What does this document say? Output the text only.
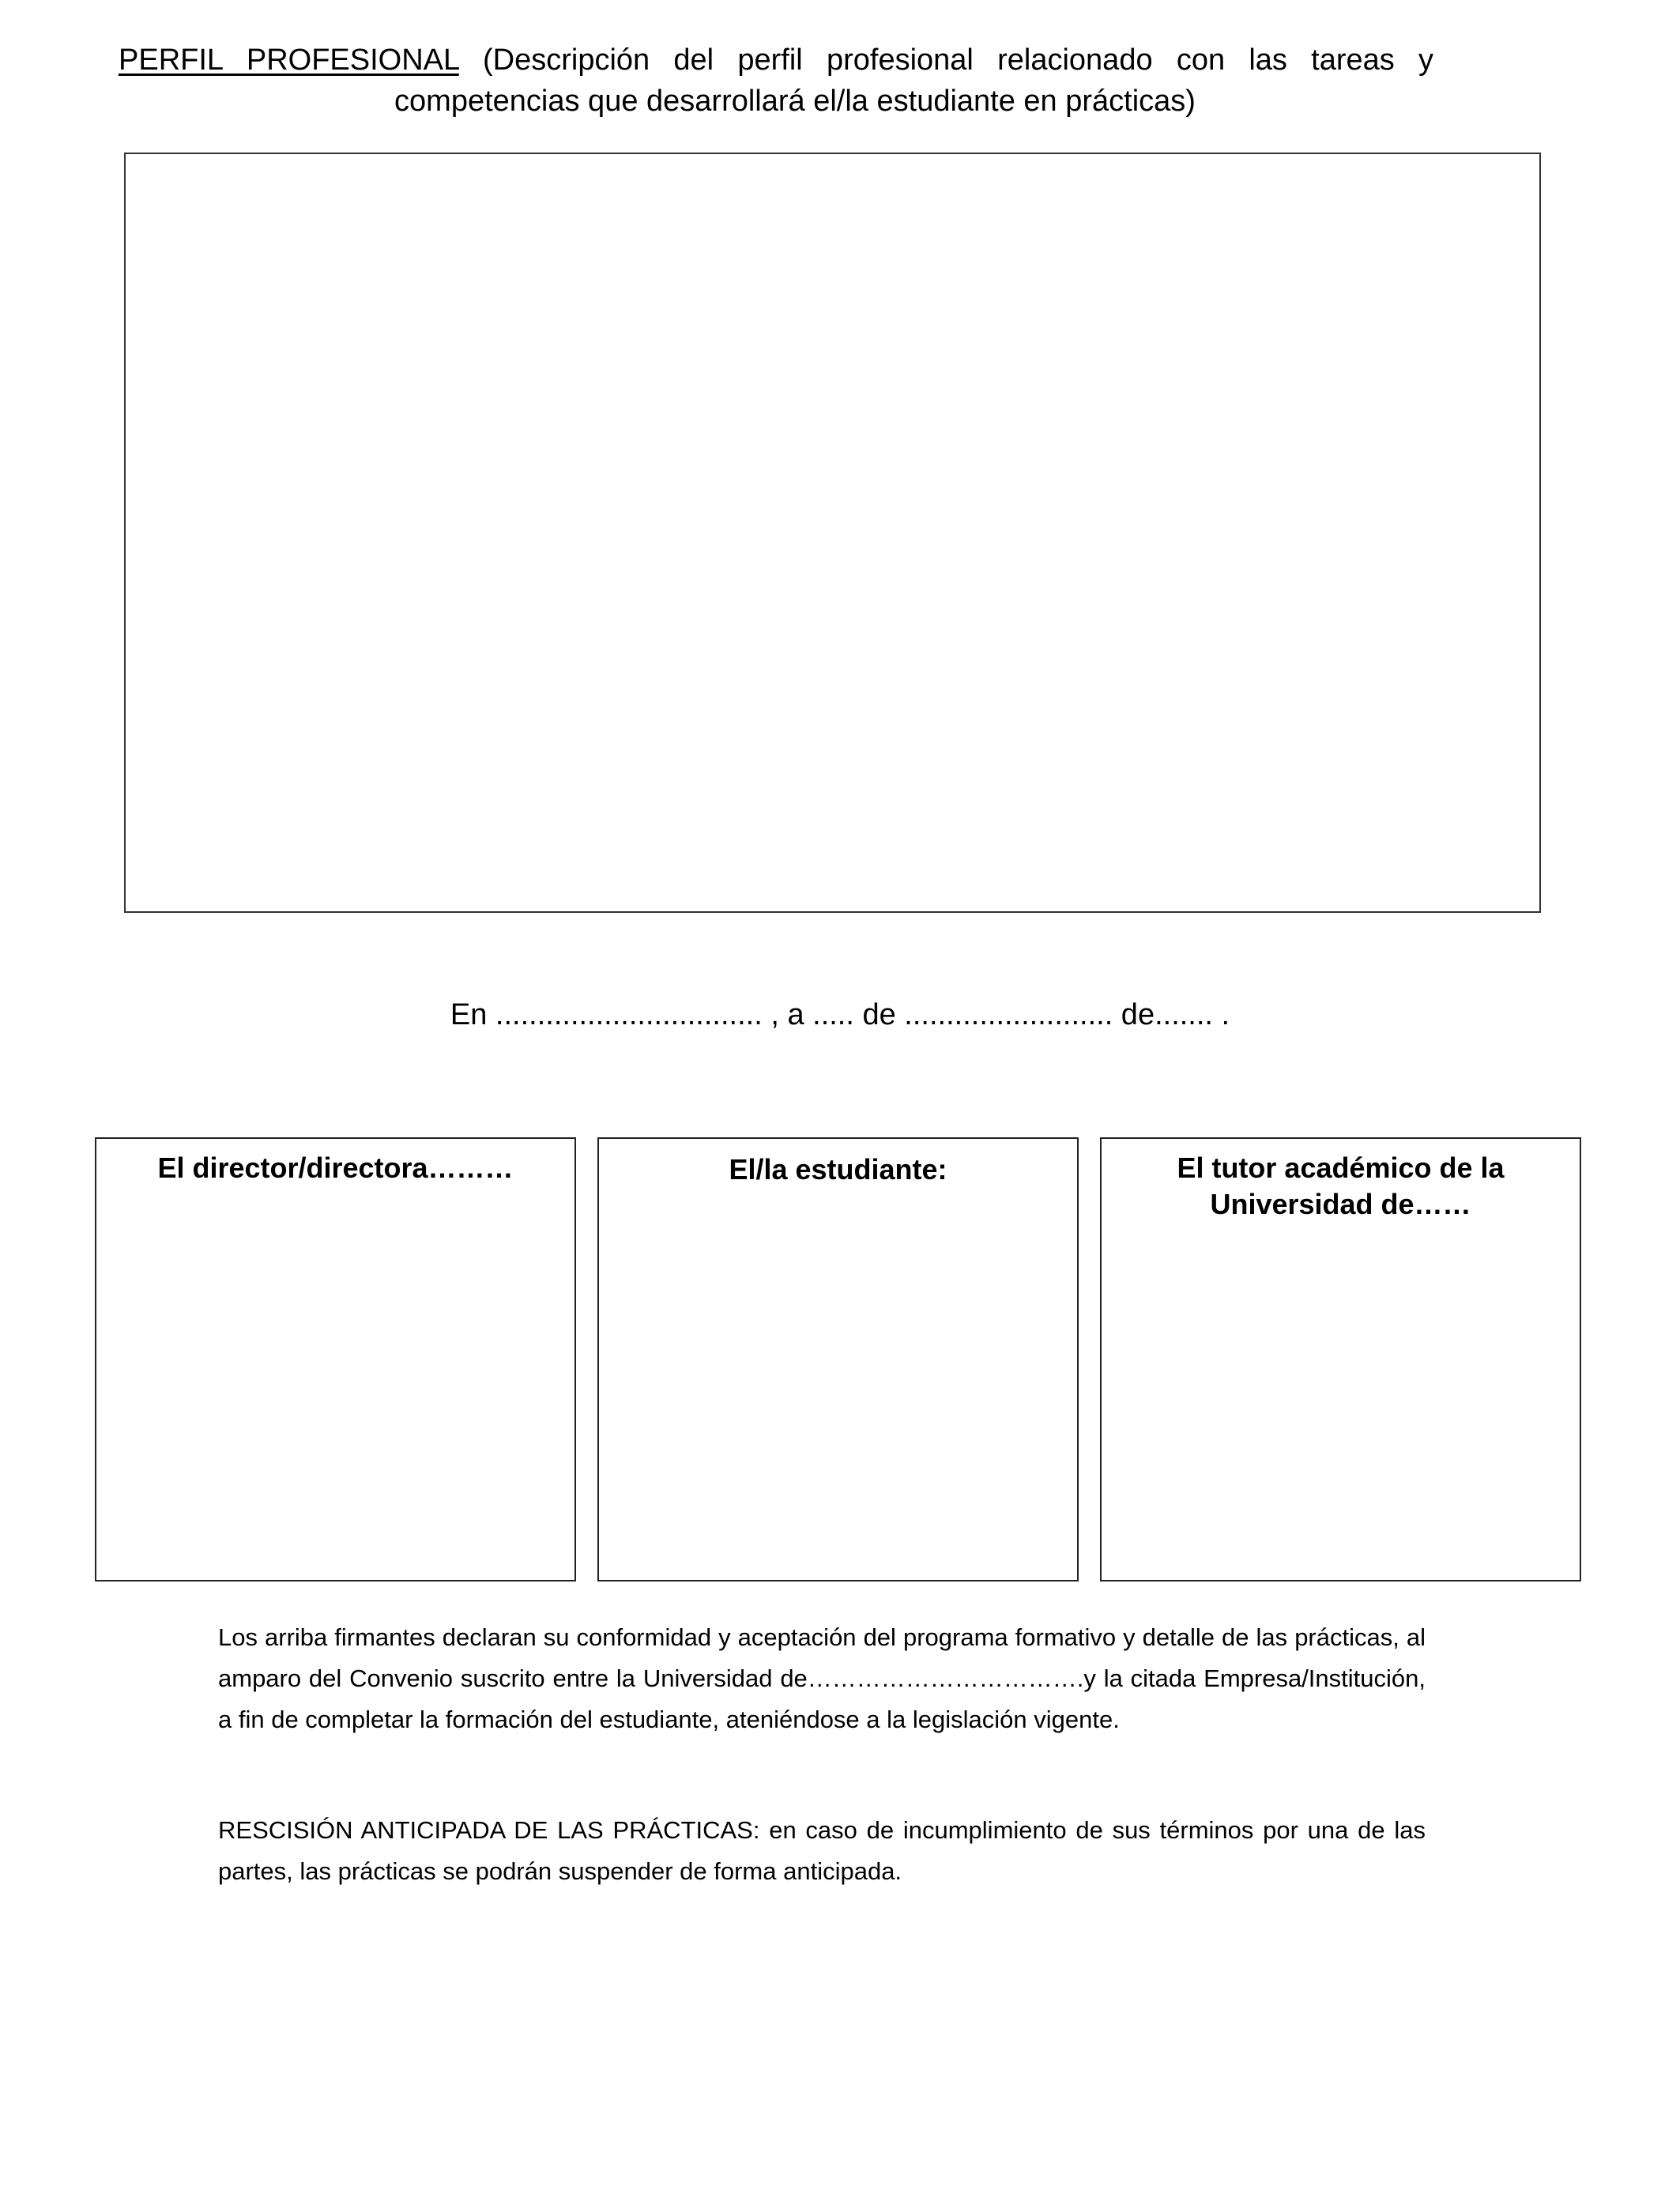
PERFIL PROFESIONAL (Descripción del perfil profesional relacionado con las tareas y
competencias que desarrollará el/la estudiante en prácticas)
En ................................ , a ..... de ......................... de....... .
El director/directora………	El/la estudiante:	El tutor académico de la
Universidad de……

Los arriba firmantes declaran su conformidad y aceptación del programa formativo y detalle de las prácticas, al amparo del Convenio suscrito entre la Universidad de…………………………….y la citada Empresa/Institución, a fin de completar la formación del estudiante, ateniéndose a la legislación vigente.

RESCISIÓN ANTICIPADA DE LAS PRÁCTICAS: en caso de incumplimiento de sus términos por una de las partes, las prácticas se podrán suspender de forma anticipada.
